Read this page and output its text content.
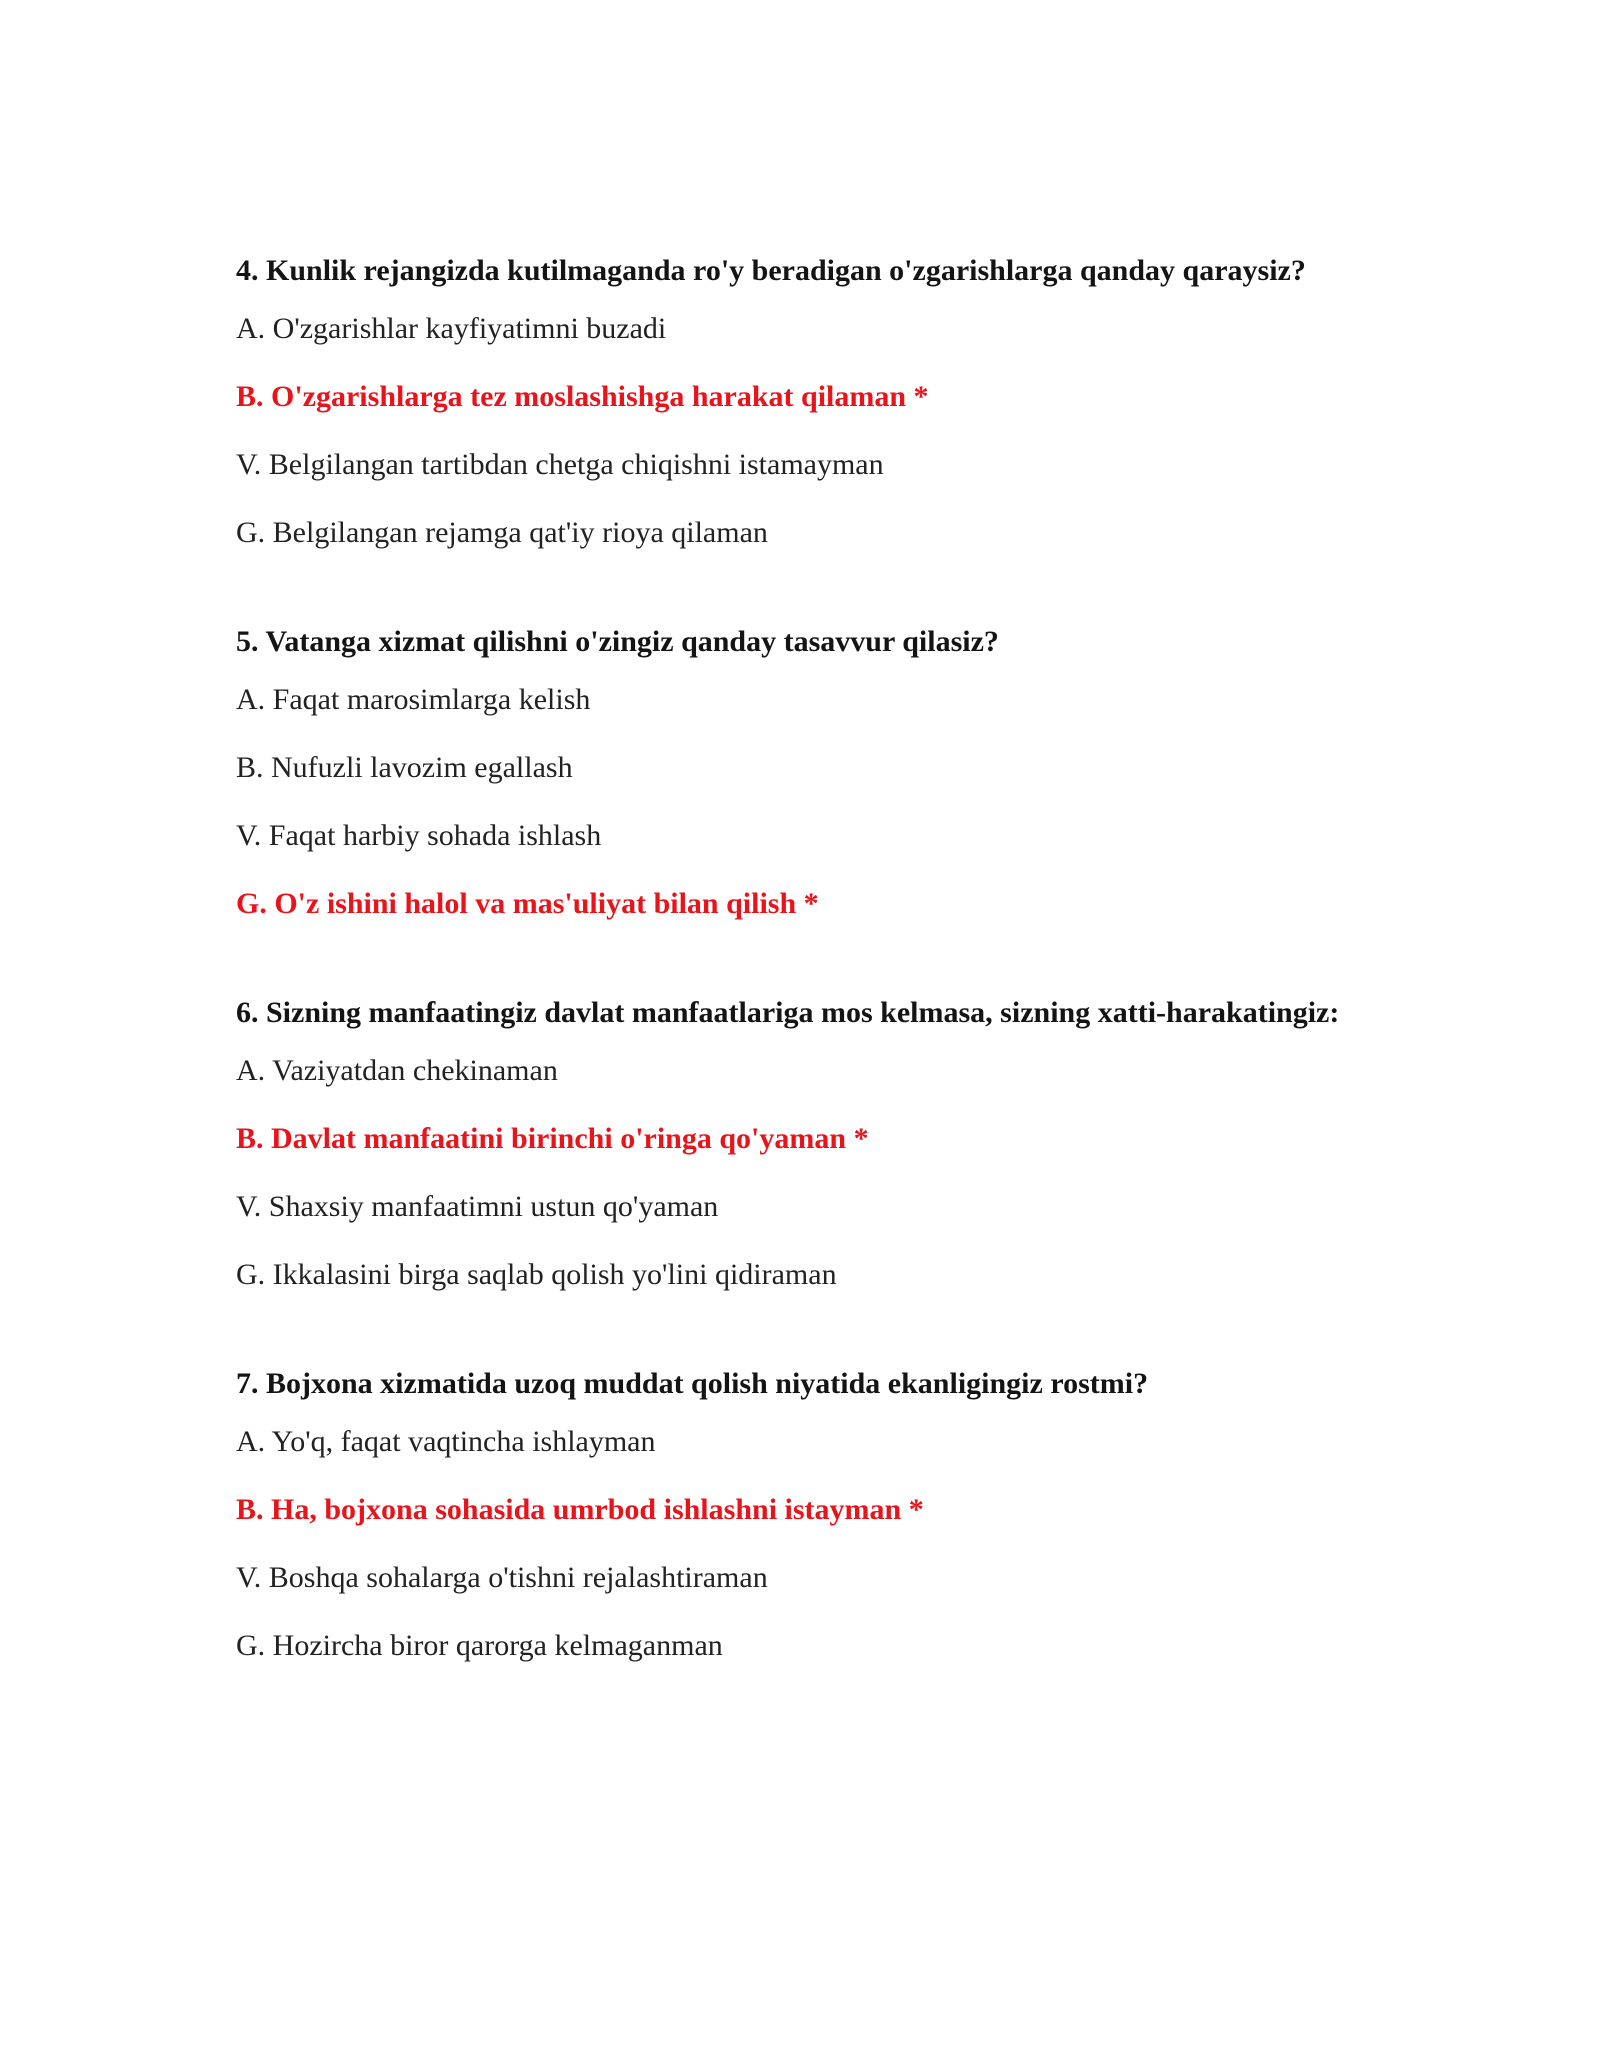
4. Kunlik rejangizda kutilmaganda ro'y beradigan o'zgarishlarga qanday qaraysiz?
A. O'zgarishlar kayfiyatimni buzadi
B. O'zgarishlarga tez moslashishga harakat qilaman *
V. Belgilangan tartibdan chetga chiqishni istamayman
G. Belgilangan rejamga qat'iy rioya qilaman
5. Vatanga xizmat qilishni o'zingiz qanday tasavvur qilasiz?
A. Faqat marosimlarga kelish
B. Nufuzli lavozim egallash
V. Faqat harbiy sohada ishlash
G. O'z ishini halol va mas'uliyat bilan qilish *
6. Sizning manfaatingiz davlat manfaatlariga mos kelmasa, sizning xatti-harakatingiz:
A. Vaziyatdan chekinaman
B. Davlat manfaatini birinchi o'ringa qo'yaman *
V. Shaxsiy manfaatimni ustun qo'yaman
G. Ikkalasini birga saqlab qolish yo'lini qidiraman
7. Bojxona xizmatida uzoq muddat qolish niyatida ekanligingiz rostmi?
A. Yo'q, faqat vaqtincha ishlayman
B. Ha, bojxona sohasida umrbod ishlashni istayman *
V. Boshqa sohalarga o'tishni rejalashtiraman
G. Hozircha biror qarorga kelmaganman
